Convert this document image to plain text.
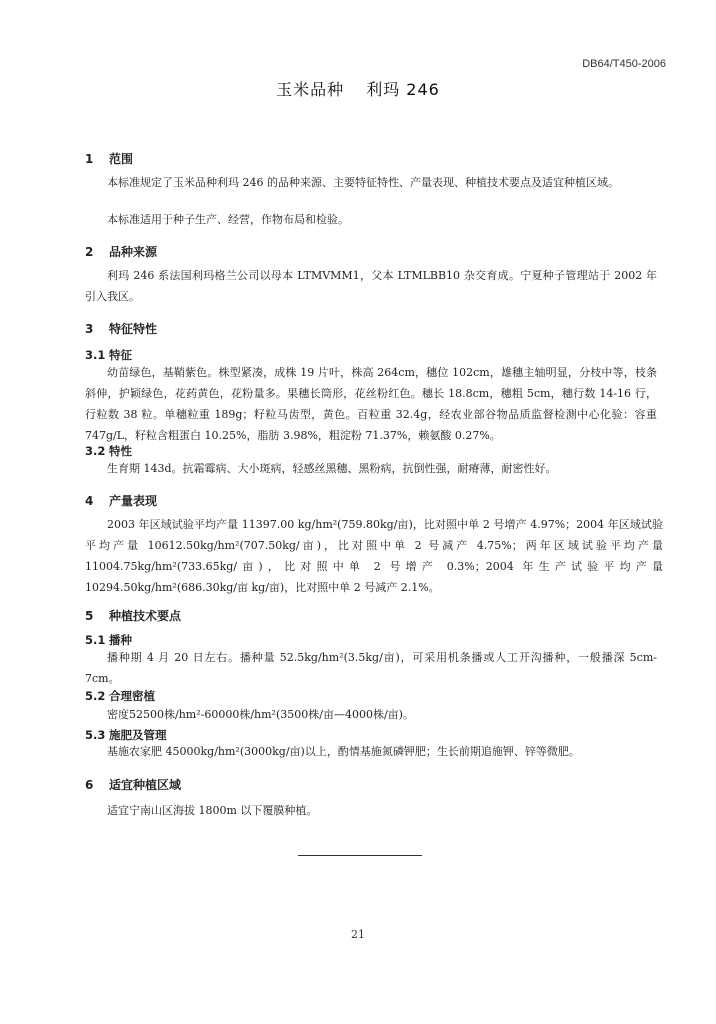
DB64/T450-2006
玉米品种 利玛 246
1 范围

本标准规定了玉米品种利玛 246 的品种来源、主要特征特性、产量表现、种植技术要点及适宜种植区域。

本标准适用于种子生产、经营，作物布局和检验。

2 品种来源

利玛 246 系法国利玛格兰公司以母本 LTMVMM1，父本 LTMLBB10 杂交育成。宁夏种子管理站于 2002 年引入我区。

3 特征特性
3.1 特征

幼苗绿色，基鞘紫色。株型紧凑，成株 19 片叶，株高 264cm，穗位 102cm，雄穗主轴明显，分枝中等，枝条斜伸，护颖绿色，花药黄色，花粉量多。果穗长筒形，花丝粉红色。穗长 18.8cm，穗粗 5cm，穗行数 14-16 行，行粒数 38 粒。单穗粒重 189g；籽粒马齿型，黄色。百粒重 32.4g，经农业部谷物品质监督检测中心化验：容重 747g/L，籽粒含粗蛋白 10.25%，脂肪 3.98%，粗淀粉 71.37%，赖氨酸 0.27%。

3.2 特性

生育期 143d。抗霜霉病、大小斑病，轻感丝黑穗、黑粉病，抗倒性强，耐瘠薄，耐密性好。

4 产量表现

2003 年区域试验平均产量 11397.00 kg/hm²(759.80kg/亩)，比对照中单 2 号增产 4.97%；2004 年区域试验平均产量 10612.50kg/hm²(707.50kg/亩)，比对照中单 2 号减产 4.75%；两年区域试验平均产量 11004.75kg/hm²(733.65kg/亩)，比对照中单 2 号增产 0.3%；2004 年生产试验平均产量 10294.50kg/hm²(686.30kg/亩 kg/亩)，比对照中单 2 号减产 2.1%。

5 种植技术要点
5.1 播种

播种期 4 月 20 日左右。播种量 52.5kg/hm²(3.5kg/亩)，可采用机条播或人工开沟播种，一般播深 5cm-7cm。

5.2 合理密植

密度52500株/hm²-60000株/hm²(3500株/亩—4000株/亩)。

5.3 施肥及管理

基施农家肥 45000kg/hm²(3000kg/亩)以上，酌情基施氮磷钾肥；生长前期追施钾、锌等微肥。

6 适宜种植区域

适宜宁南山区海拔 1800m 以下覆膜种植。

21
